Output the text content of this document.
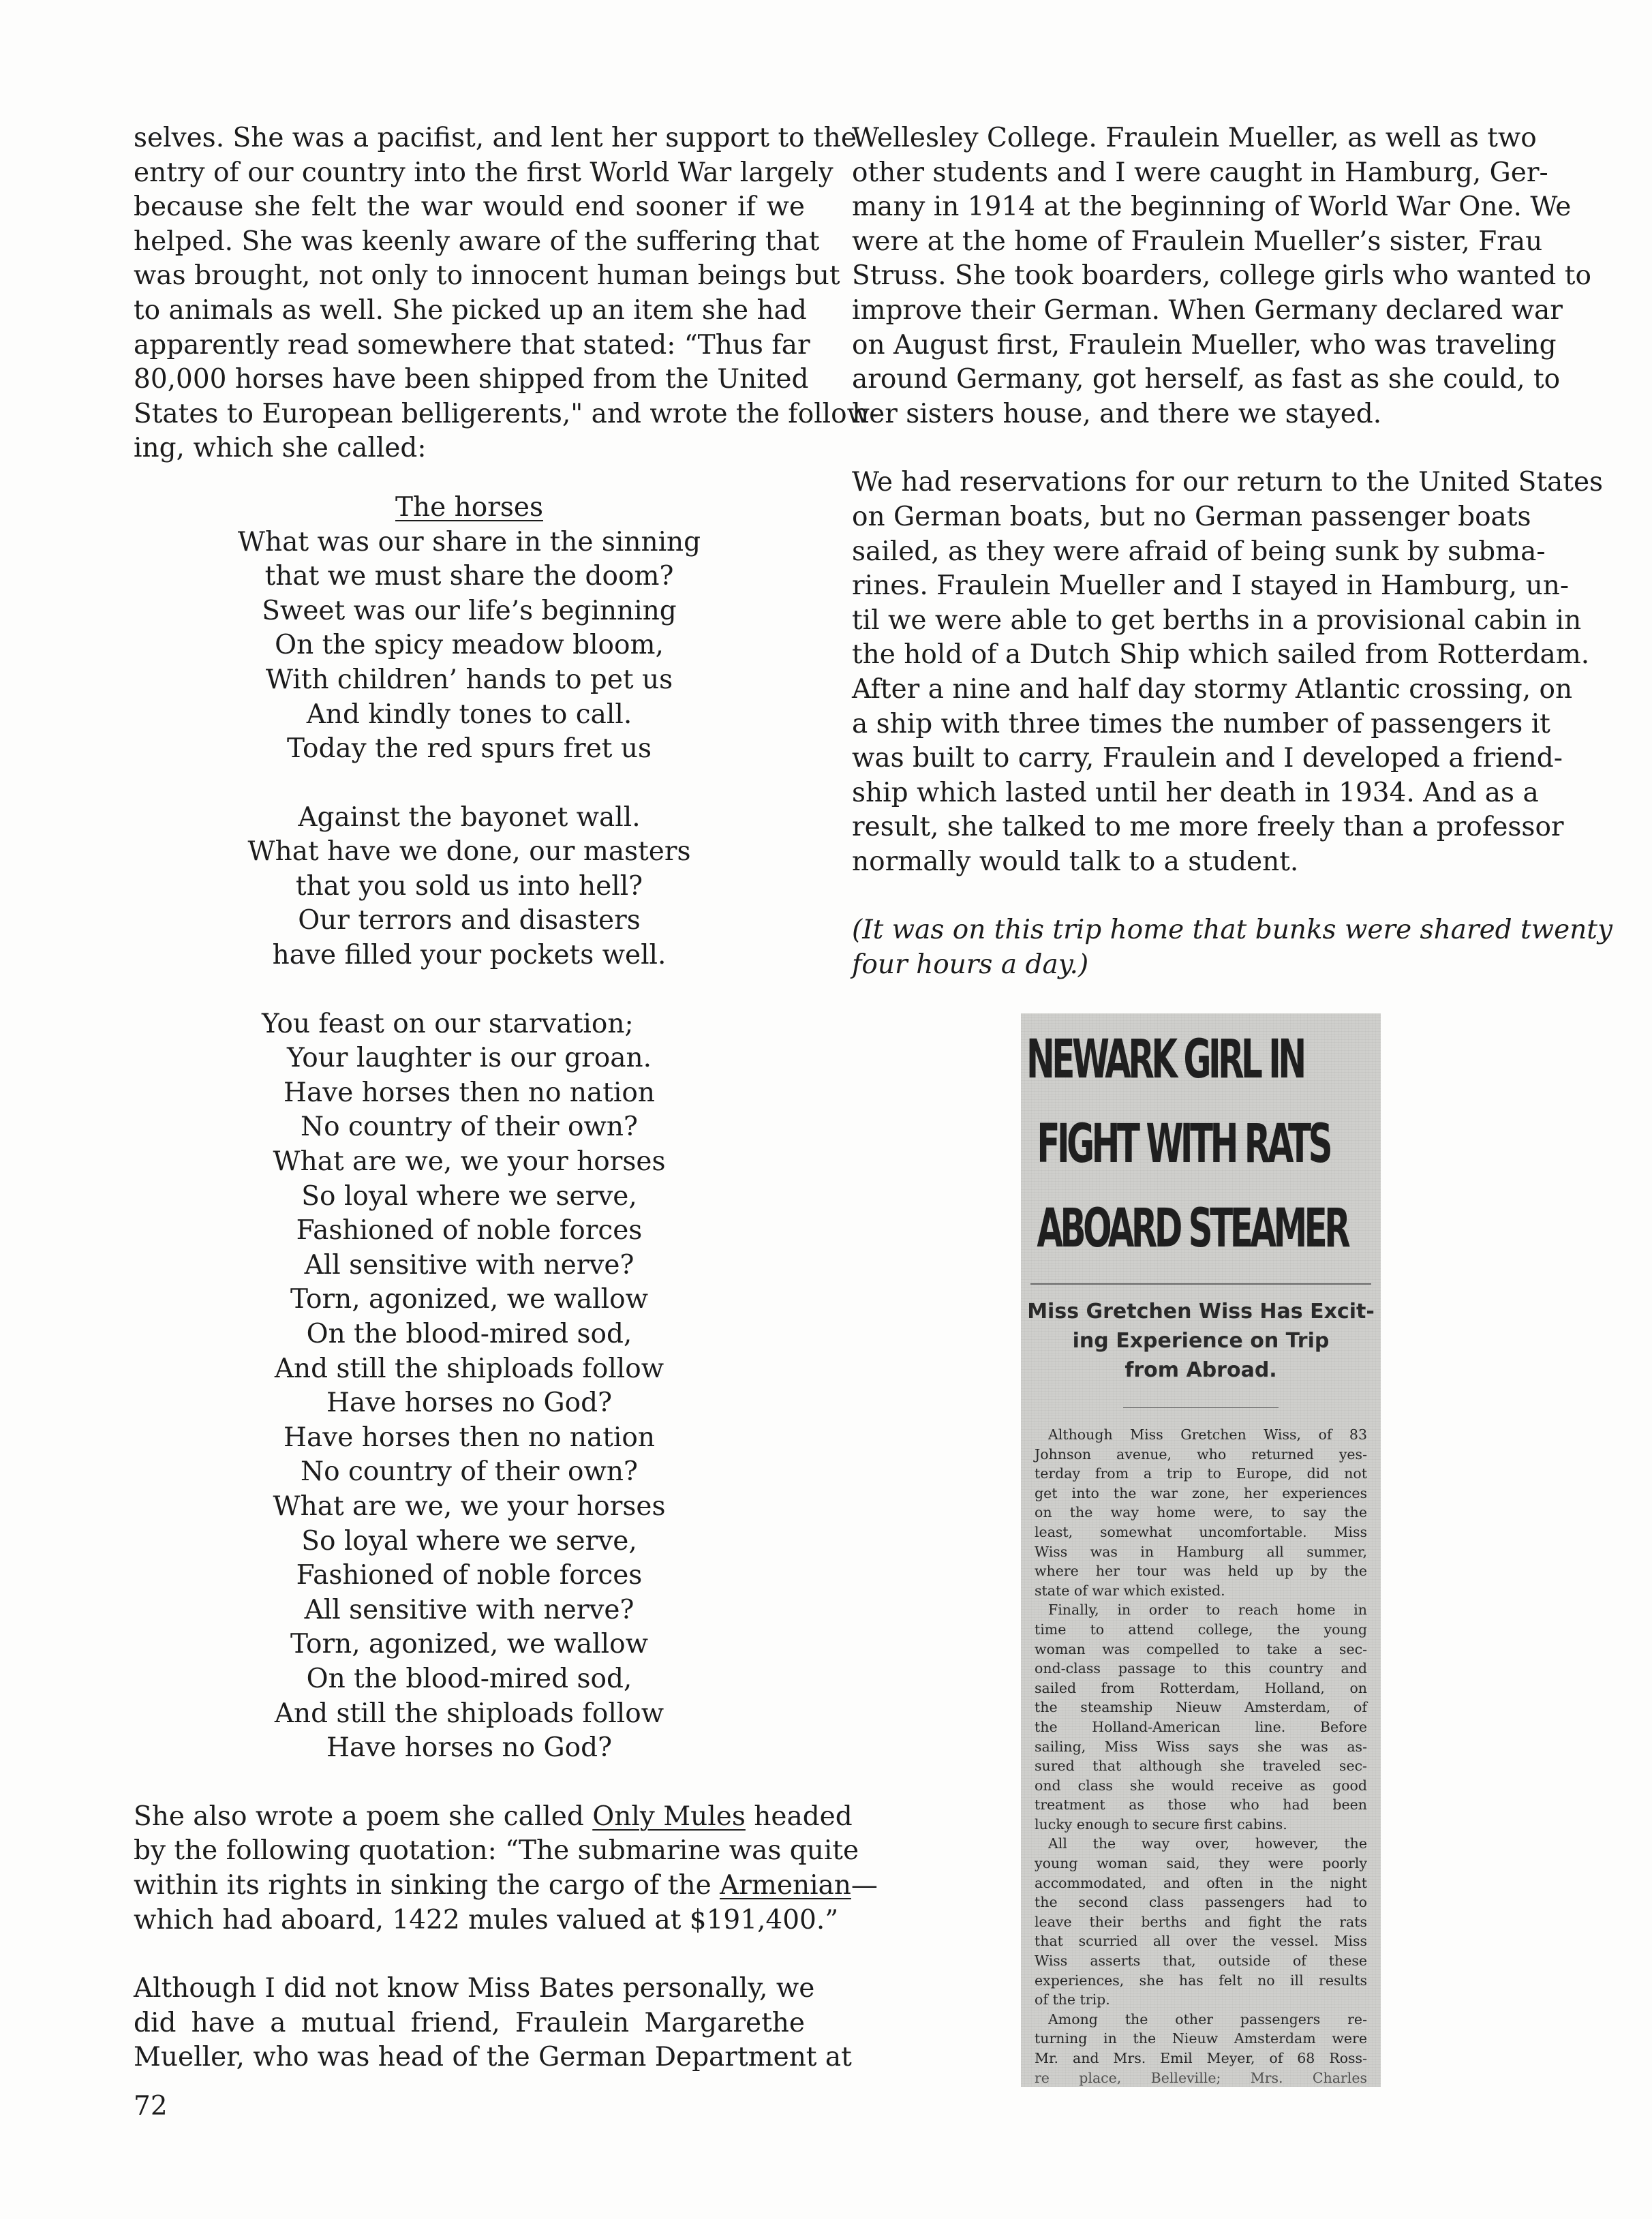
selves. She was a pacifist, and lent her support to the
entry of our country into the first World War largely
because she felt the war would end sooner if we
helped. She was keenly aware of the suffering that
was brought, not only to innocent human beings but
to animals as well. She picked up an item she had
apparently read somewhere that stated: “Thus far
80,000 horses have been shipped from the United
States to European belligerents," and wrote the follow-
ing, which she called:
The horses
What was our share in the sinning
that we must share the doom?
Sweet was our life’s beginning
On the spicy meadow bloom,
With children’ hands to pet us
And kindly tones to call.
Today the red spurs fret us
Against the bayonet wall.
What have we done, our masters
that you sold us into hell?
Our terrors and disasters
have filled your pockets well.
You feast on our starvation;
Your laughter is our groan.
Have horses then no nation
No country of their own?
What are we, we your horses
So loyal where we serve,
Fashioned of noble forces
All sensitive with nerve?
Torn, agonized, we wallow
On the blood-mired sod,
And still the shiploads follow
Have horses no God?
Have horses then no nation
No country of their own?
What are we, we your horses
So loyal where we serve,
Fashioned of noble forces
All sensitive with nerve?
Torn, agonized, we wallow
On the blood-mired sod,
And still the shiploads follow
Have horses no God?
She also wrote a poem she called Only Mules headed
by the following quotation: “The submarine was quite
within its rights in sinking the cargo of the Armenian—
which had aboard, 1422 mules valued at $191,400.”
Although I did not know Miss Bates personally, we
did have a mutual friend, Fraulein Margarethe
Mueller, who was head of the German Department at
Wellesley College. Fraulein Mueller, as well as two
other students and I were caught in Hamburg, Ger-
many in 1914 at the beginning of World War One. We
were at the home of Fraulein Mueller’s sister, Frau
Struss. She took boarders, college girls who wanted to
improve their German. When Germany declared war
on August first, Fraulein Mueller, who was traveling
around Germany, got herself, as fast as she could, to
her sisters house, and there we stayed.
We had reservations for our return to the United States
on German boats, but no German passenger boats
sailed, as they were afraid of being sunk by subma-
rines. Fraulein Mueller and I stayed in Hamburg, un-
til we were able to get berths in a provisional cabin in
the hold of a Dutch Ship which sailed from Rotterdam.
After a nine and half day stormy Atlantic crossing, on
a ship with three times the number of passengers it
was built to carry, Fraulein and I developed a friend-
ship which lasted until her death in 1934. And as a
result, she talked to me more freely than a professor
normally would talk to a student.
(It was on this trip home that bunks were shared twenty
four hours a day.)
NEWARK GIRL IN
FIGHT WITH RATS
ABOARD STEAMER
Miss Gretchen Wiss Has Excit-
ing Experience on Trip
from Abroad.
Although Miss Gretchen Wiss, of 83
Johnson avenue, who returned yes-
terday from a trip to Europe, did not
get into the war zone, her experiences
on the way home were, to say the
least, somewhat uncomfortable. Miss
Wiss was in Hamburg all summer,
where her tour was held up by the
state of war which existed.
Finally, in order to reach home in
time to attend college, the young
woman was compelled to take a sec-
ond-class passage to this country and
sailed from Rotterdam, Holland, on
the steamship Nieuw Amsterdam, of
the Holland-American line. Before
sailing, Miss Wiss says she was as-
sured that although she traveled sec-
ond class she would receive as good
treatment as those who had been
lucky enough to secure first cabins.
All the way over, however, the
young woman said, they were poorly
accommodated, and often in the night
the second class passengers had to
leave their berths and fight the rats
that scurried all over the vessel. Miss
Wiss asserts that, outside of these
experiences, she has felt no ill results
of the trip.
Among the other passengers re-
turning in the Nieuw Amsterdam were
Mr. and Mrs. Emil Meyer, of 68 Ross-
re place, Belleville; Mrs. Charles
72
